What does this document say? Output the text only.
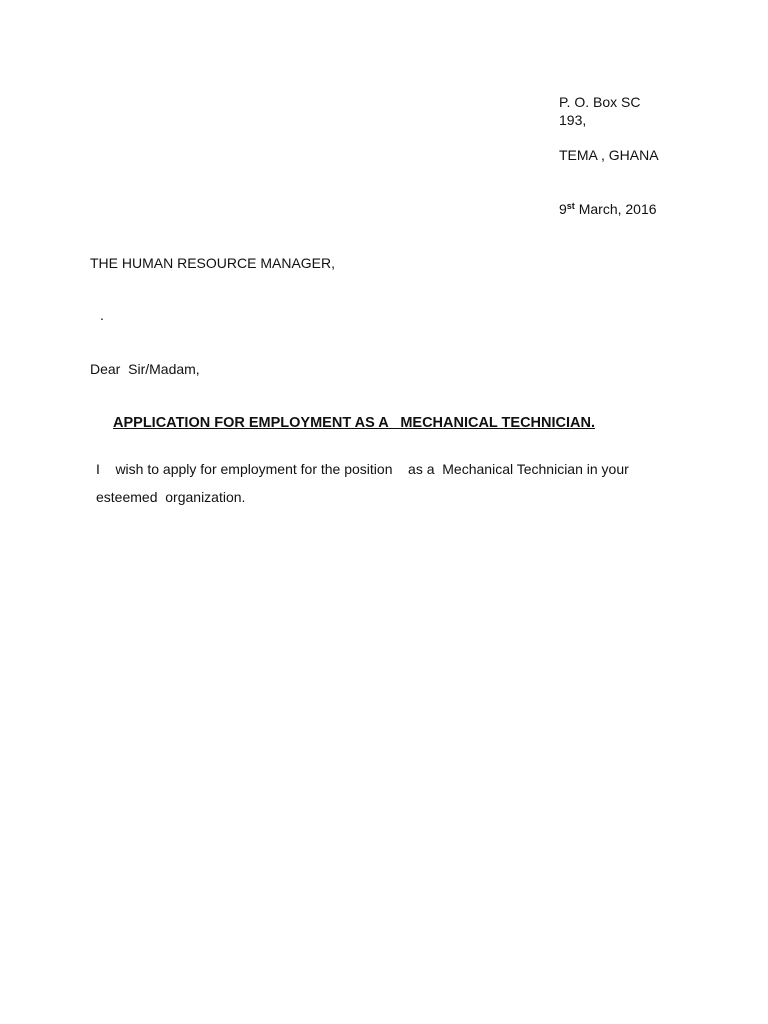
P. O. Box SC
193,
TEMA , GHANA
9st March, 2016
THE HUMAN RESOURCE MANAGER,
.
Dear  Sir/Madam,
APPLICATION FOR EMPLOYMENT AS A   MECHANICAL TECHNICIAN.
I    wish to apply for employment for the position    as a  Mechanical Technician in your
esteemed  organization.
